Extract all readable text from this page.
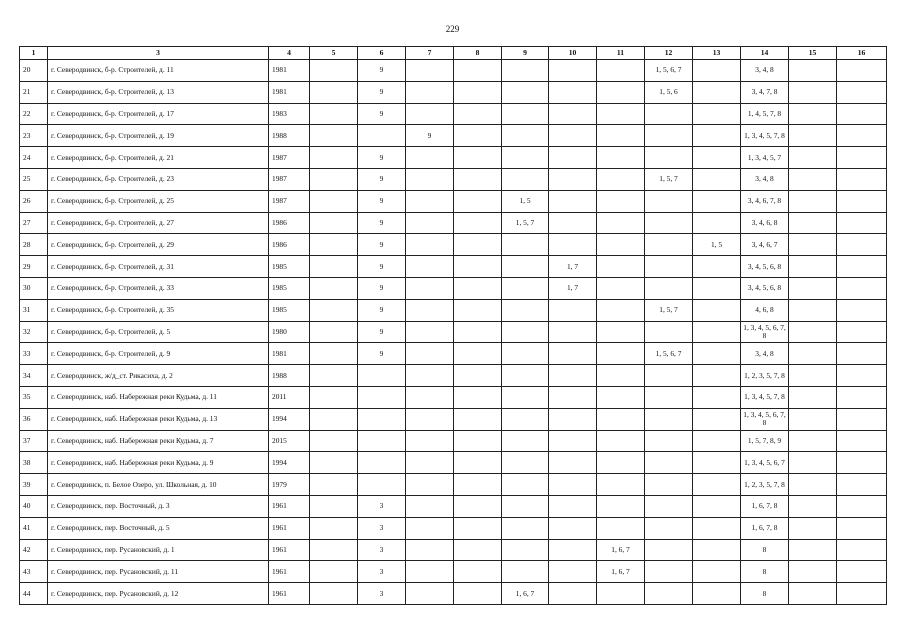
229
1	3	4	5	6	7	8	9	10	11	12	13	14	15	16
20	г. Северодвинск, б-р. Строителей, д. 11	1981		9						1, 5, 6, 7		3, 4, 8		
21	г. Северодвинск, б-р. Строителей, д. 13	1981		9						1, 5, 6		3, 4, 7, 8		
22	г. Северодвинск, б-р. Строителей, д. 17	1983		9								1, 4, 5, 7, 8		
23	г. Северодвинск, б-р. Строителей, д. 19	1988			9							1, 3, 4, 5, 7, 8		
24	г. Северодвинск, б-р. Строителей, д. 21	1987		9								1, 3, 4, 5, 7		
25	г. Северодвинск, б-р. Строителей, д. 23	1987		9						1, 5, 7		3, 4, 8		
26	г. Северодвинск, б-р. Строителей, д. 25	1987		9			1, 5					3, 4, 6, 7, 8		
27	г. Северодвинск, б-р. Строителей, д. 27	1986		9			1, 5, 7					3, 4, 6, 8		
28	г. Северодвинск, б-р. Строителей, д. 29	1986		9							1, 5	3, 4, 6, 7		
29	г. Северодвинск, б-р. Строителей, д. 31	1985		9				1, 7				3, 4, 5, 6, 8		
30	г. Северодвинск, б-р. Строителей, д. 33	1985		9				1, 7				3, 4, 5, 6, 8		
31	г. Северодвинск, б-р. Строителей, д. 35	1985		9						1, 5, 7		4, 6, 8		
32	г. Северодвинск, б-р. Строителей, д. 5	1980		9								1, 3, 4, 5, 6, 7, 8		
33	г. Северодвинск, б-р. Строителей, д. 9	1981		9						1, 5, 6, 7		3, 4, 8		
34	г. Северодвинск, ж/д_ст. Рикасиха, д. 2	1988										1, 2, 3, 5, 7, 8		
35	г. Северодвинск, наб. Набережная реки Кудьма, д. 11	2011										1, 3, 4, 5, 7, 8		
36	г. Северодвинск, наб. Набережная реки Кудьма, д. 13	1994										1, 3, 4, 5, 6, 7, 8		
37	г. Северодвинск, наб. Набережная реки Кудьма, д. 7	2015										1, 5, 7, 8, 9		
38	г. Северодвинск, наб. Набережная реки Кудьма, д. 9	1994										1, 3, 4, 5, 6, 7		
39	г. Северодвинск, п. Белое Озеро, ул. Школьная, д. 10	1979										1, 2, 3, 5, 7, 8		
40	г. Северодвинск, пер. Восточный, д. 3	1961		3								1, 6, 7, 8		
41	г. Северодвинск, пер. Восточный, д. 5	1961		3								1, 6, 7, 8		
42	г. Северодвинск, пер. Русановский, д. 1	1961		3					1, 6, 7			8		
43	г. Северодвинск, пер. Русановский, д. 11	1961		3					1, 6, 7			8		
44	г. Северодвинск, пер. Русановский, д. 12	1961		3			1, 6, 7					8		
